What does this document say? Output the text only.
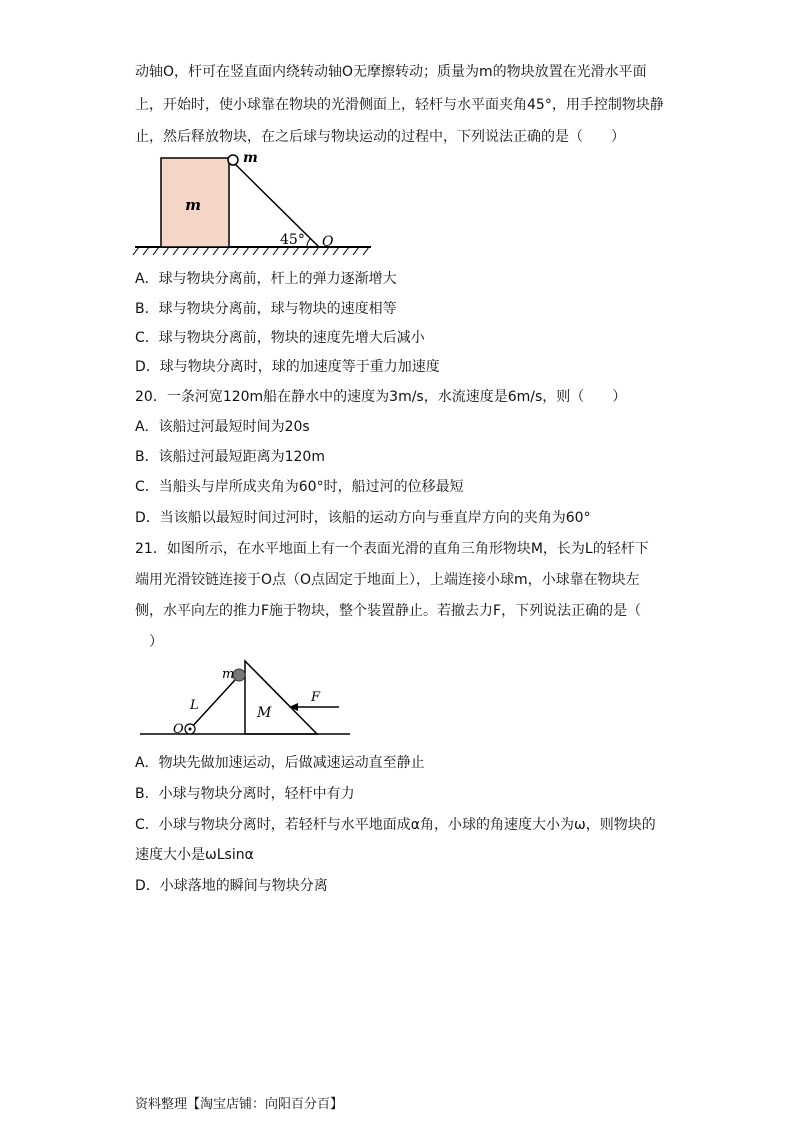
动轴O，杆可在竖直面内绕转动轴O无摩擦转动；质量为m的物块放置在光滑水平面
上，开始时，使小球靠在物块的光滑侧面上，轻杆与水平面夹角45°，用手控制物块静
止，然后释放物块，在之后球与物块运动的过程中，下列说法正确的是（　　）
m
m
45° O
A．球与物块分离前，杆上的弹力逐渐增大
B．球与物块分离前，球与物块的速度相等
C．球与物块分离前，物块的速度先增大后减小
D．球与物块分离时，球的加速度等于重力加速度
20．一条河宽120m船在静水中的速度为3m/s，水流速度是6m/s，则（　　）
A．该船过河最短时间为20s
B．该船过河最短距离为120m
C．当船头与岸所成夹角为60°时，船过河的位移最短
D．当该船以最短时间过河时，该船的运动方向与垂直岸方向的夹角为60°
21．如图所示，在水平地面上有一个表面光滑的直角三角形物块M，长为L的轻杆下
端用光滑铰链连接于O点（O点固定于地面上），上端连接小球m，小球靠在物块左
侧，水平向左的推力F施于物块，整个装置静止。若撤去力F，下列说法正确的是（
　）
M
O
L
m
F
A．物块先做加速运动，后做减速运动直至静止
B．小球与物块分离时，轻杆中有力
C．小球与物块分离时，若轻杆与水平地面成α角，小球的角速度大小为ω，则物块的
速度大小是ωLsinα
D．小球落地的瞬间与物块分离
资料整理【淘宝店铺：向阳百分百】
